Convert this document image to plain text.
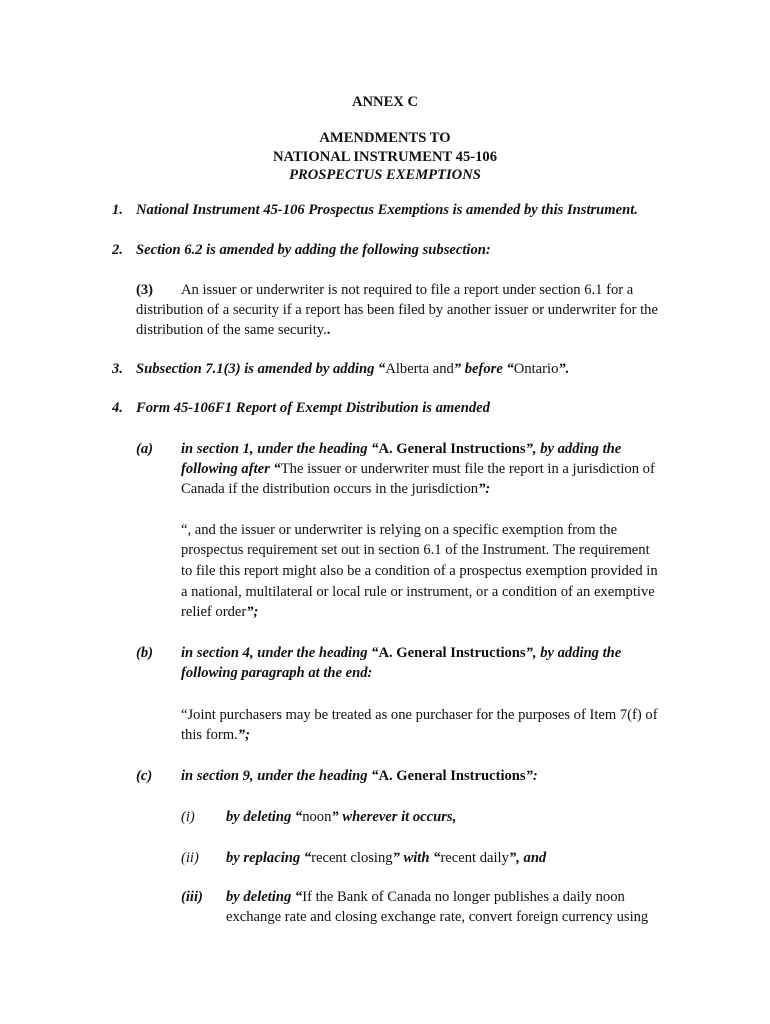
ANNEX C
AMENDMENTS TO
NATIONAL INSTRUMENT 45-106
PROSPECTUS EXEMPTIONS
1. National Instrument 45-106 Prospectus Exemptions is amended by this Instrument.
2. Section 6.2 is amended by adding the following subsection:
(3) An issuer or underwriter is not required to file a report under section 6.1 for a
distribution of a security if a report has been filed by another issuer or underwriter for the
distribution of the same security..
3. Subsection 7.1(3) is amended by adding “Alberta and” before “Ontario”.
4. Form 45-106F1 Report of Exempt Distribution is amended
(a) in section 1, under the heading “A. General Instructions”, by adding the
following after “The issuer or underwriter must file the report in a jurisdiction of
Canada if the distribution occurs in the jurisdiction”:
“, and the issuer or underwriter is relying on a specific exemption from the
prospectus requirement set out in section 6.1 of the Instrument. The requirement
to file this report might also be a condition of a prospectus exemption provided in
a national, multilateral or local rule or instrument, or a condition of an exemptive
relief order”;
(b) in section 4, under the heading “A. General Instructions”, by adding the
following paragraph at the end:
“Joint purchasers may be treated as one purchaser for the purposes of Item 7(f) of
this form.”;
(c) in section 9, under the heading “A. General Instructions”:
(i) by deleting “noon” wherever it occurs,
(ii) by replacing “recent closing” with “recent daily”, and
(iii) by deleting “If the Bank of Canada no longer publishes a daily noon
exchange rate and closing exchange rate, convert foreign currency using
